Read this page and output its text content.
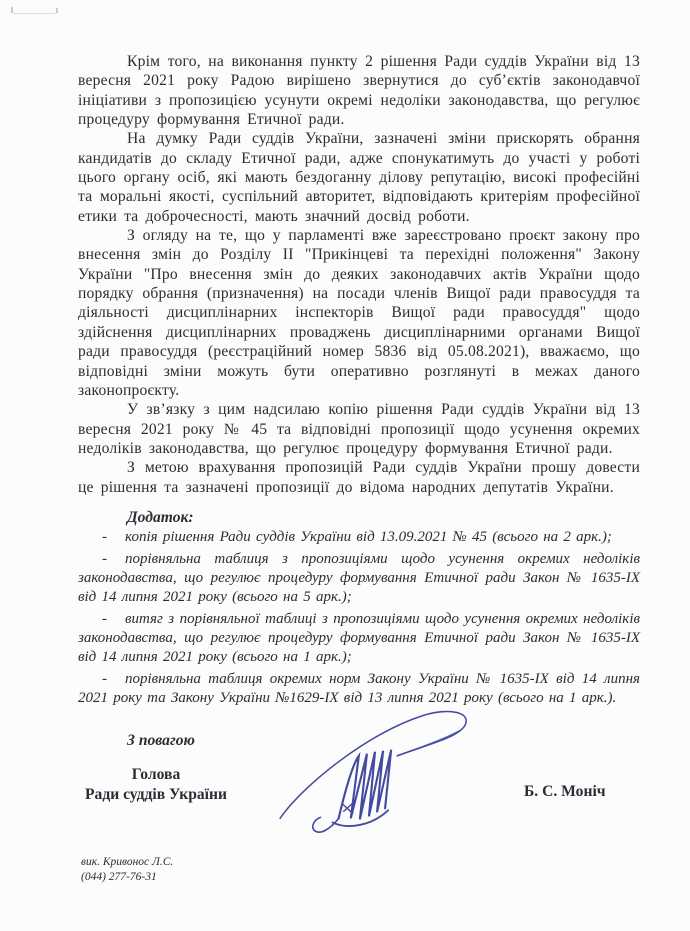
Крім того, на виконання пункту 2 рішення Ради суддів України від 13 вересня 2021 року Радою вирішено звернутися до суб’єктів законодавчої ініціативи з пропозицією усунути окремі недоліки законодавства, що регулює процедуру формування Етичної ради.

На думку Ради суддів України, зазначені зміни прискорять обрання кандидатів до складу Етичної ради, адже спонукатимуть до участі у роботі цього органу осіб, які мають бездоганну ділову репутацію, високі професійні та моральні якості, суспільний авторитет, відповідають критеріям професійної етики та доброчесності, мають значний досвід роботи.

З огляду на те, що у парламенті вже зареєстровано проєкт закону про внесення змін до Розділу ІІ "Прикінцеві та перехідні положення" Закону України "Про внесення змін до деяких законодавчих актів України щодо порядку обрання (призначення) на посади членів Вищої ради правосуддя та діяльності дисциплінарних інспекторів Вищої ради правосуддя" щодо здійснення дисциплінарних проваджень дисциплінарними органами Вищої ради правосуддя (реєстраційний номер 5836 від 05.08.2021), вважаємо, що відповідні зміни можуть бути оперативно розглянуті в межах даного законопроєкту.

У зв’язку з цим надсилаю копію рішення Ради суддів України від 13 вересня 2021 року № 45 та відповідні пропозиції щодо усунення окремих недоліків законодавства, що регулює процедуру формування Етичної ради.

З метою врахування пропозицій Ради суддів України прошу довести це рішення та зазначені пропозиції до відома народних депутатів України.

Додаток:

- копія рішення Ради суддів України від 13.09.2021 № 45 (всього на 2 арк.);

- порівняльна таблиця з пропозиціями щодо усунення окремих недоліків законодавства, що регулює процедуру формування Етичної ради Закон № 1635-ІХ від 14 липня 2021 року (всього на 5 арк.);

- витяг з порівняльної таблиці з пропозиціями щодо усунення окремих недоліків законодавства, що регулює процедуру формування Етичної ради Закон № 1635-ІХ від 14 липня 2021 року (всього на 1 арк.);

- порівняльна таблиця окремих норм Закону України № 1635-ІХ від 14 липня 2021 року та Закону України №1629-ІХ від 13 липня 2021 року (всього на 1 арк.).

З повагою
Голова
Ради суддів України	Б. С. Моніч
вик. Кривонос Л.С.
(044) 277-76-31
